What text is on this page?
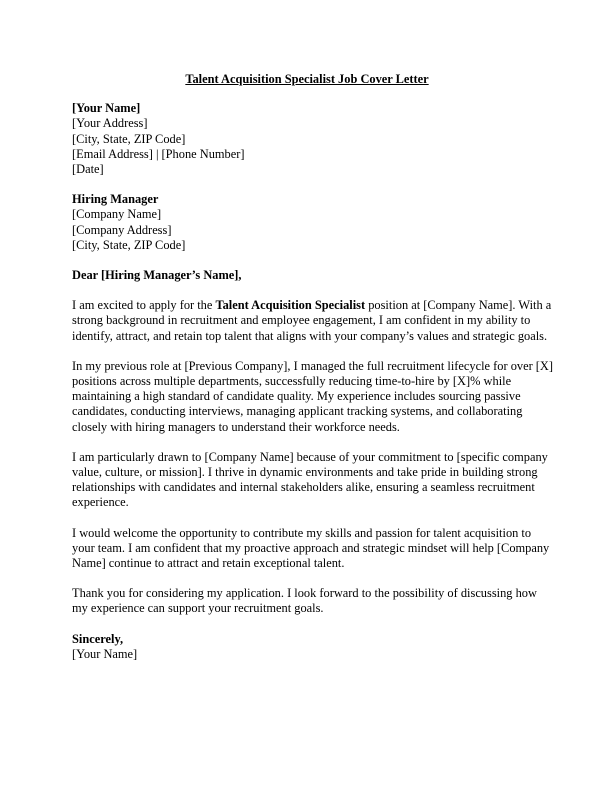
Talent Acquisition Specialist Job Cover Letter
[Your Name]
[Your Address]
[City, State, ZIP Code]
[Email Address] | [Phone Number]
[Date]
Hiring Manager
[Company Name]
[Company Address]
[City, State, ZIP Code]
Dear [Hiring Manager’s Name],
I am excited to apply for the Talent Acquisition Specialist position at [Company Name]. With a
strong background in recruitment and employee engagement, I am confident in my ability to
identify, attract, and retain top talent that aligns with your company’s values and strategic goals.
In my previous role at [Previous Company], I managed the full recruitment lifecycle for over [X]
positions across multiple departments, successfully reducing time-to-hire by [X]% while
maintaining a high standard of candidate quality. My experience includes sourcing passive
candidates, conducting interviews, managing applicant tracking systems, and collaborating
closely with hiring managers to understand their workforce needs.
I am particularly drawn to [Company Name] because of your commitment to [specific company
value, culture, or mission]. I thrive in dynamic environments and take pride in building strong
relationships with candidates and internal stakeholders alike, ensuring a seamless recruitment
experience.
I would welcome the opportunity to contribute my skills and passion for talent acquisition to
your team. I am confident that my proactive approach and strategic mindset will help [Company
Name] continue to attract and retain exceptional talent.
Thank you for considering my application. I look forward to the possibility of discussing how
my experience can support your recruitment goals.
Sincerely,
[Your Name]
